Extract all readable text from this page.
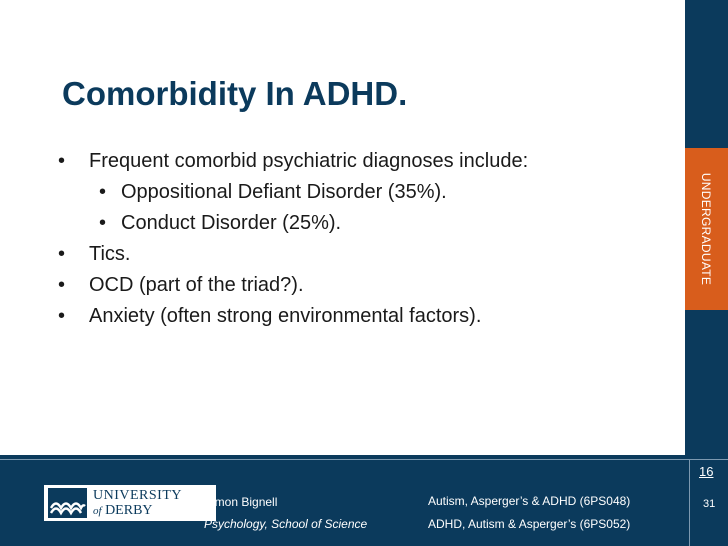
UNDERGRADUATE
Comorbidity In ADHD.
• Frequent comorbid psychiatric diagnoses include:
• Oppositional Defiant Disorder (35%).
• Conduct Disorder (25%).
• Tics.
• OCD (part of the triad?).
• Anxiety (often strong environmental factors).
UNIVERSITY
of DERBY
Simon Bignell
Psychology, School of Science
Autism, Asperger’s & ADHD (6PS048)
ADHD, Autism & Asperger’s (6PS052)
16
31
